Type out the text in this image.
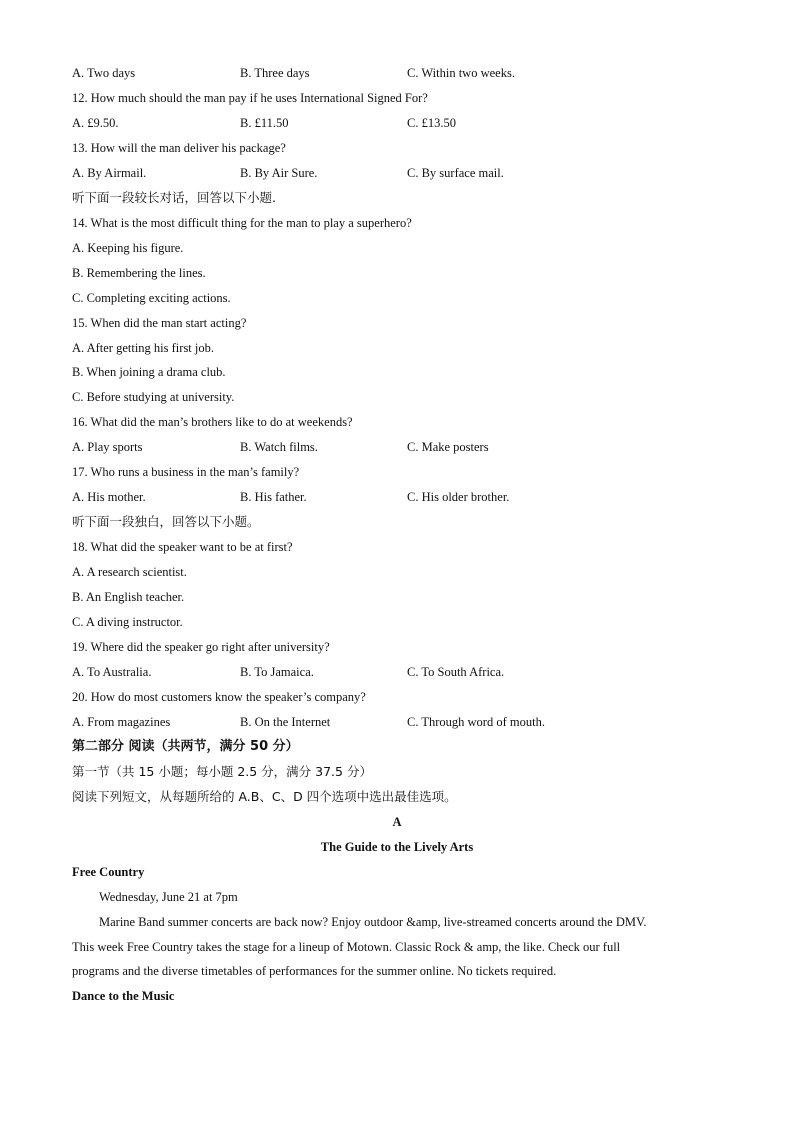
A. Two days	B. Three days	C. Within two weeks.
12. How much should the man pay if he uses International Signed For?
A. £9.50.	B. £11.50	C. £13.50
13. How will the man deliver his package?
A. By Airmail.	B. By Air Sure.	C. By surface mail.
听下面一段较长对话，回答以下小题.
14. What is the most difficult thing for the man to play a superhero?
A. Keeping his figure.
B. Remembering the lines.
C. Completing exciting actions.
15. When did the man start acting?
A. After getting his first job.
B. When joining a drama club.
C. Before studying at university.
16. What did the man’s brothers like to do at weekends?
A. Play sports	B. Watch films.	C. Make posters
17. Who runs a business in the man’s family?
A. His mother.	B. His father.	C. His older brother.
听下面一段独白，回答以下小题。
18. What did the speaker want to be at first?
A. A research scientist.
B. An English teacher.
C. A diving instructor.
19. Where did the speaker go right after university?
A. To Australia.	B. To Jamaica.	C. To South Africa.
20. How do most customers know the speaker’s company?
A. From magazines	B. On the Internet	C. Through word of mouth.
第二部分 阅读（共两节，满分 50 分）
第一节（共 15 小题；每小题 2.5 分，满分 37.5 分）
阅读下列短文，从每题所给的 A.B、C、D 四个选项中选出最佳选项。
A
The Guide to the Lively Arts
Free Country
Wednesday, June 21 at 7pm
Marine Band summer concerts are back now? Enjoy outdoor &amp, live-streamed concerts around the DMV.
This week Free Country takes the stage for a lineup of Motown. Classic Rock & amp, the like. Check our full
programs and the diverse timetables of performances for the summer online. No tickets required.
Dance to the Music
